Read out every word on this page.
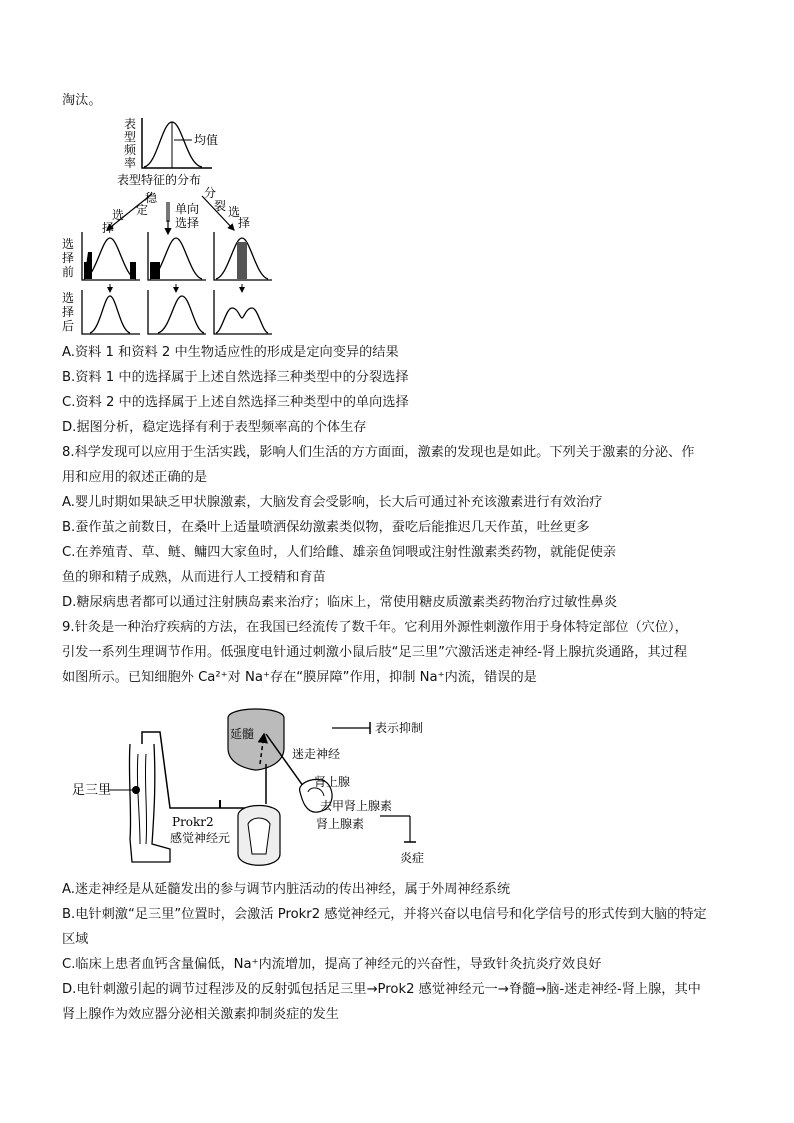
淘汰。
表
型
频
率
均值
表型特征的分布
稳
定
选
择
单向
选择
分
裂 选
择
选
择
前
选
择
后
A.资料 1 和资料 2 中生物适应性的形成是定向变异的结果
B.资料 1 中的选择属于上述自然选择三种类型中的分裂选择
C.资料 2 中的选择属于上述自然选择三种类型中的单向选择
D.据图分析，稳定选择有利于表型频率高的个体生存
8.科学发现可以应用于生活实践，影响人们生活的方方面面，激素的发现也是如此。下列关于激素的分泌、作
用和应用的叙述正确的是
A.婴儿时期如果缺乏甲状腺激素，大脑发育会受影响，长大后可通过补充该激素进行有效治疗
B.蚕作茧之前数日，在桑叶上适量喷洒保幼激素类似物，蚕吃后能推迟几天作茧，吐丝更多
C.在养殖青、草、鲢、鳙四大家鱼时，人们给雌、雄亲鱼饲喂或注射性激素类药物，就能促使亲
鱼的卵和精子成熟，从而进行人工授精和育苗
D.糖尿病患者都可以通过注射胰岛素来治疗；临床上，常使用糖皮质激素类药物治疗过敏性鼻炎
9.针灸是一种治疗疾病的方法，在我国已经流传了数千年。它利用外源性刺激作用于身体特定部位（穴位），
引发一系列生理调节作用。低强度电针通过刺激小鼠后肢“足三里”穴激活迷走神经-肾上腺抗炎通路，其过程
如图所示。已知细胞外 Ca²⁺对 Na⁺存在“膜屏障”作用，抑制 Na⁺内流，错误的是
足三里
Prokr2
感觉神经元
延髓
迷走神经
表示抑制
肾上腺
去甲肾上腺素
肾上腺素
炎症
A.迷走神经是从延髓发出的参与调节内脏活动的传出神经，属于外周神经系统
B.电针刺激“足三里”位置时，会激活 Prokr2 感觉神经元，并将兴奋以电信号和化学信号的形式传到大脑的特定
区域
C.临床上患者血钙含量偏低，Na⁺内流增加，提高了神经元的兴奋性，导致针灸抗炎疗效良好
D.电针刺激引起的调节过程涉及的反射弧包括足三里→Prok2 感觉神经元一→脊髓→脑-迷走神经-肾上腺，其中
肾上腺作为效应器分泌相关激素抑制炎症的发生
